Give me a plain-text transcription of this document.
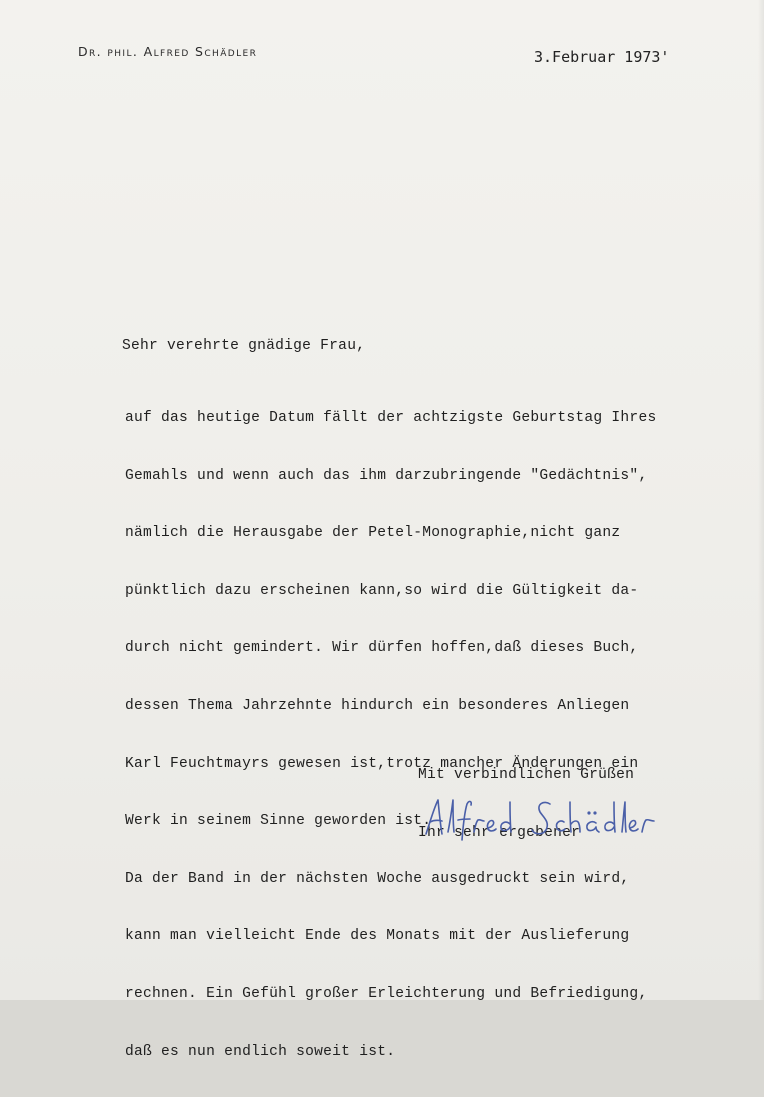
Dr. phil. Alfred Schädler	3.Februar 1973'
Sehr verehrte gnädige Frau,

auf das heutige Datum fällt der achtzigste Geburtstag Ihres

Gemahls und wenn auch das ihm darzubringende "Gedächtnis",

nämlich die Herausgabe der Petel-Monographie,nicht ganz

pünktlich dazu erscheinen kann,so wird die Gültigkeit da-

durch nicht gemindert. Wir dürfen hoffen,daß dieses Buch,

dessen Thema Jahrzehnte hindurch ein besonderes Anliegen

Karl Feuchtmayrs gewesen ist,trotz mancher Änderungen ein

Werk in seinem Sinne geworden ist.

Da der Band in der nächsten Woche ausgedruckt sein wird,

kann man vielleicht Ende des Monats mit der Auslieferung

rechnen. Ein Gefühl großer Erleichterung und Befriedigung,

daß es nun endlich soweit ist.

Mit verbindlichen Grüßen

Ihr sehr ergebener
